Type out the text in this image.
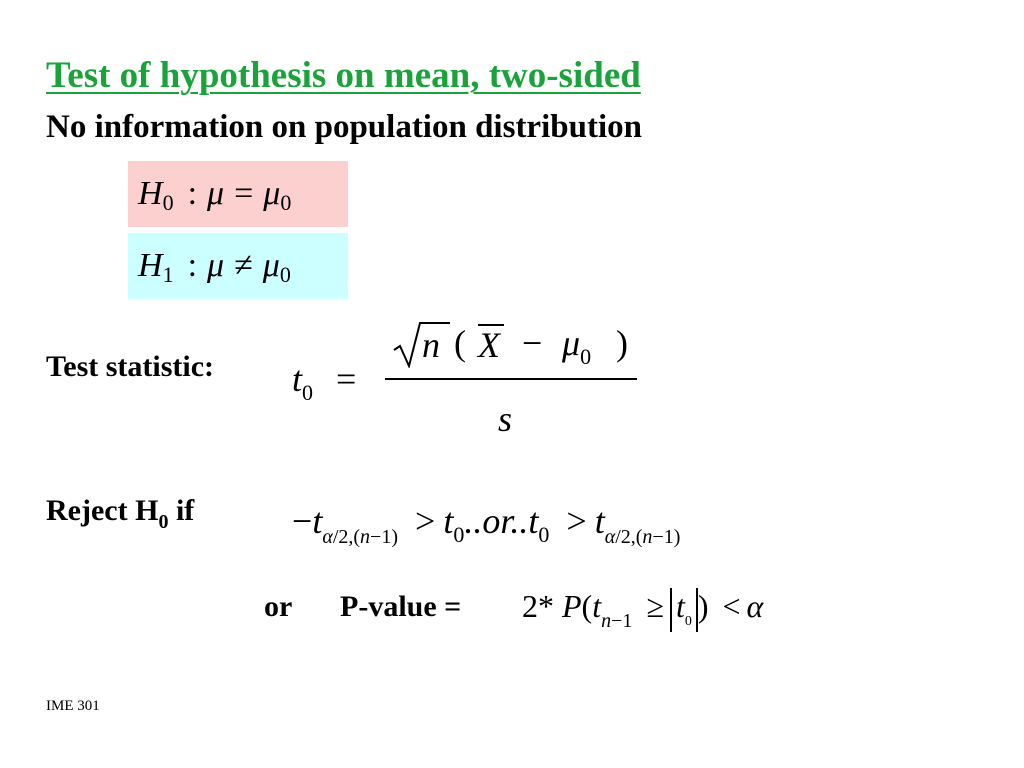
Test of hypothesis on mean, two-sided
No information on population distribution
H 0 : μ = μ 0
H 1 : μ ≠ μ 0
Test statistic: $t_0$ =
n ( $X - \mu_0$ )
s
Reject $H_0$ if	$-t_{\alpha/2,(n-1)} > t_0..or..t_0 > t_{\alpha/2,(n-1)}$
or P-value = 2* $P(t_{n-1} \ge t_0$ ) < α
IME 301
